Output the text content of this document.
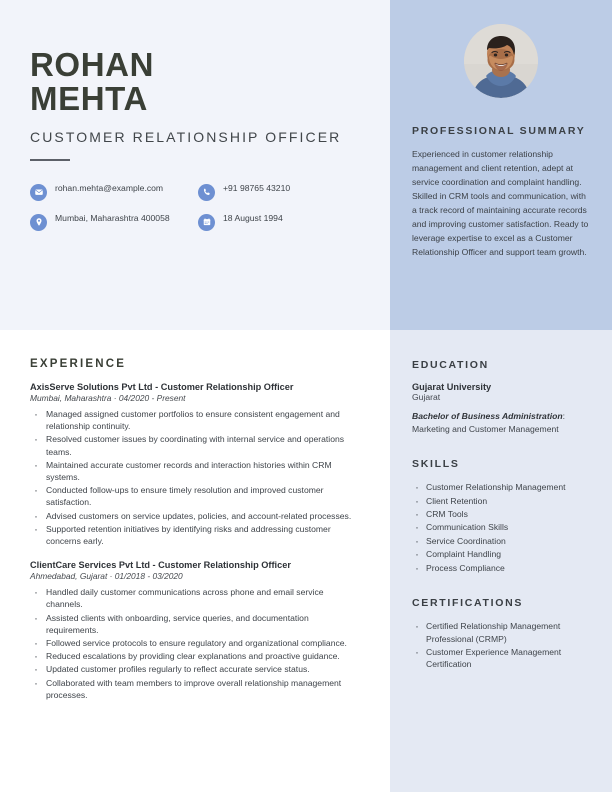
ROHAN
MEHTA
CUSTOMER RELATIONSHIP OFFICER
rohan.mehta@example.com	+91 98765 43210
Mumbai, Maharashtra 400058	18 August 1994
PROFESSIONAL SUMMARY

Experienced in customer relationship management and client retention, adept at service coordination and complaint handling. Skilled in CRM tools and communication, with a track record of maintaining accurate records and improving customer satisfaction. Ready to leverage expertise to excel as a Customer Relationship Officer and support team growth.

EXPERIENCE
AxisServe Solutions Pvt Ltd - Customer Relationship Officer
Mumbai, Maharashtra · 04/2020 - Present
· Managed assigned customer portfolios to ensure consistent engagement and relationship continuity.
· Resolved customer issues by coordinating with internal service and operations teams.
· Maintained accurate customer records and interaction histories within CRM systems.
· Conducted follow-ups to ensure timely resolution and improved customer satisfaction.
· Advised customers on service updates, policies, and account-related processes.
· Supported retention initiatives by identifying risks and addressing customer concerns early.
ClientCare Services Pvt Ltd - Customer Relationship Officer
Ahmedabad, Gujarat · 01/2018 - 03/2020
· Handled daily customer communications across phone and email service channels.
· Assisted clients with onboarding, service queries, and documentation requirements.
· Followed service protocols to ensure regulatory and organizational compliance.
· Reduced escalations by providing clear explanations and proactive guidance.
· Updated customer profiles regularly to reflect accurate service status.
· Collaborated with team members to improve overall relationship management processes.
EDUCATION
Gujarat University
Gujarat

Bachelor of Business Administration: Marketing and Customer Management

SKILLS
· Customer Relationship Management
· Client Retention
· CRM Tools
· Communication Skills
· Service Coordination
· Complaint Handling
· Process Compliance
CERTIFICATIONS
· Certified Relationship Management Professional (CRMP)
· Customer Experience Management Certification
